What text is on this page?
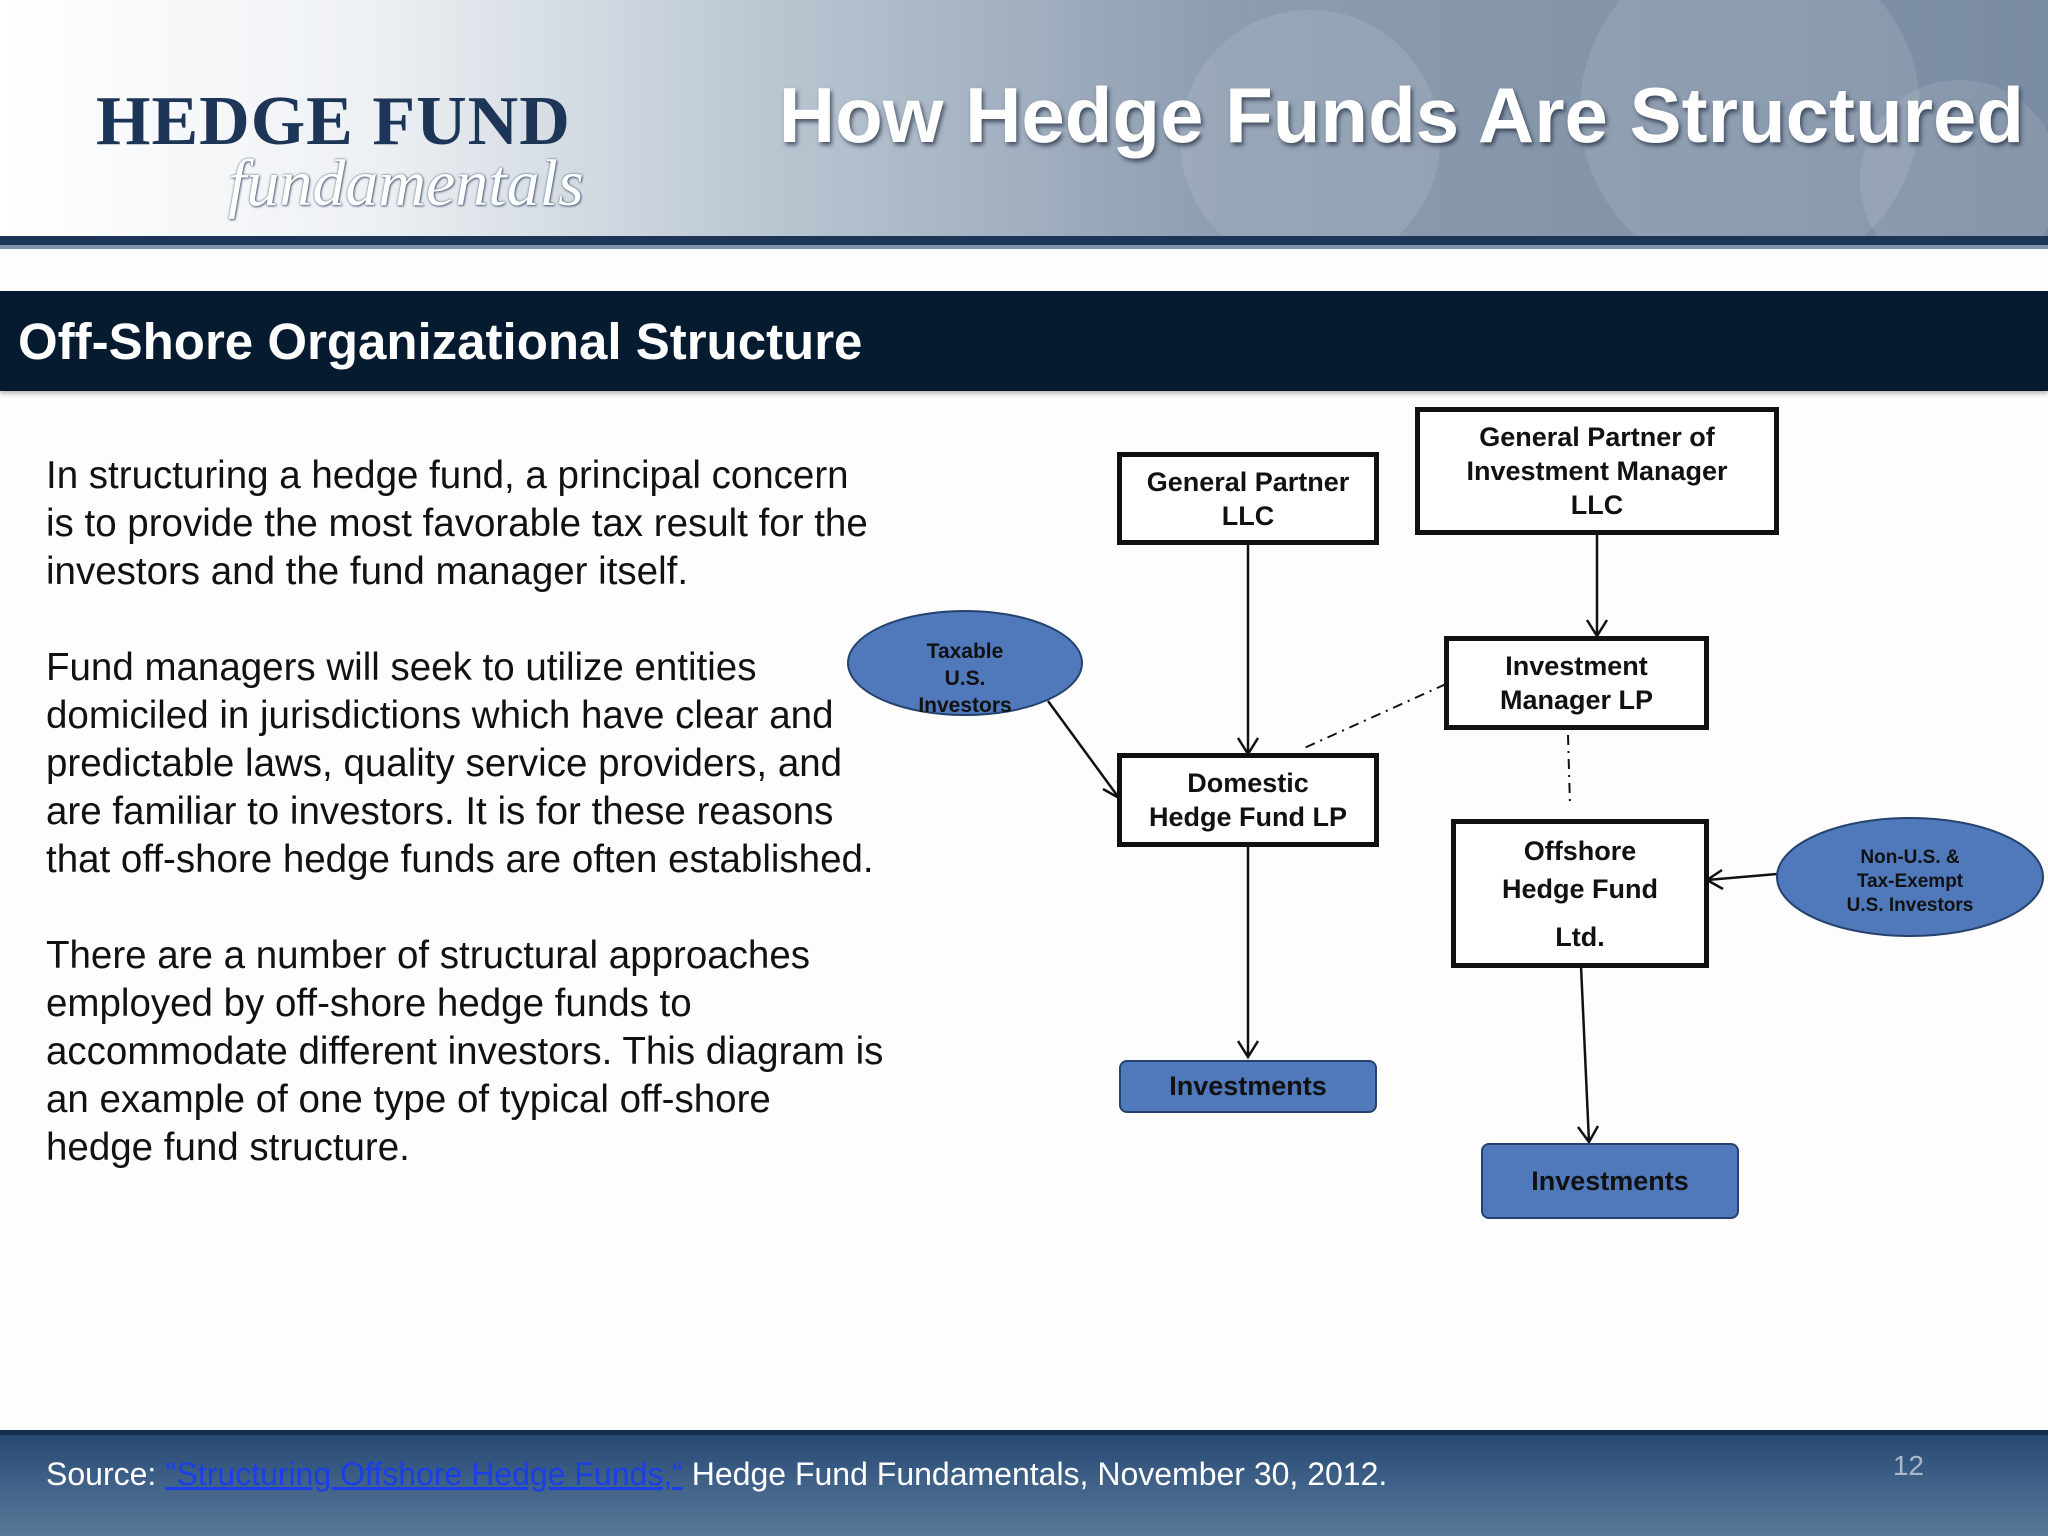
HEDGE FUND
fundamentals
How Hedge Funds Are Structured
Off-Shore Organizational Structure

In structuring a hedge fund, a principal concern is to provide the most favorable tax result for the investors and the fund manager itself.

Fund managers will seek to utilize entities domiciled in jurisdictions which have clear and predictable laws, quality service providers, and are familiar to investors. It is for these reasons that off-shore hedge funds are often established.

There are a number of structural approaches employed by off-shore hedge funds to accommodate different investors. This diagram is an example of one type of typical off-shore hedge fund structure.

Taxable
U.S.
Investors
Non-U.S. &
Tax-Exempt
U.S. Investors
General Partner
LLC
General Partner of
Investment Manager
LLC
Investment
Manager LP
Domestic
Hedge Fund LP
Offshore
Hedge Fund
Ltd.
Investments
Investments
Source: "Structuring Offshore Hedge Funds,“ Hedge Fund Fundamentals, November 30, 2012.	12
